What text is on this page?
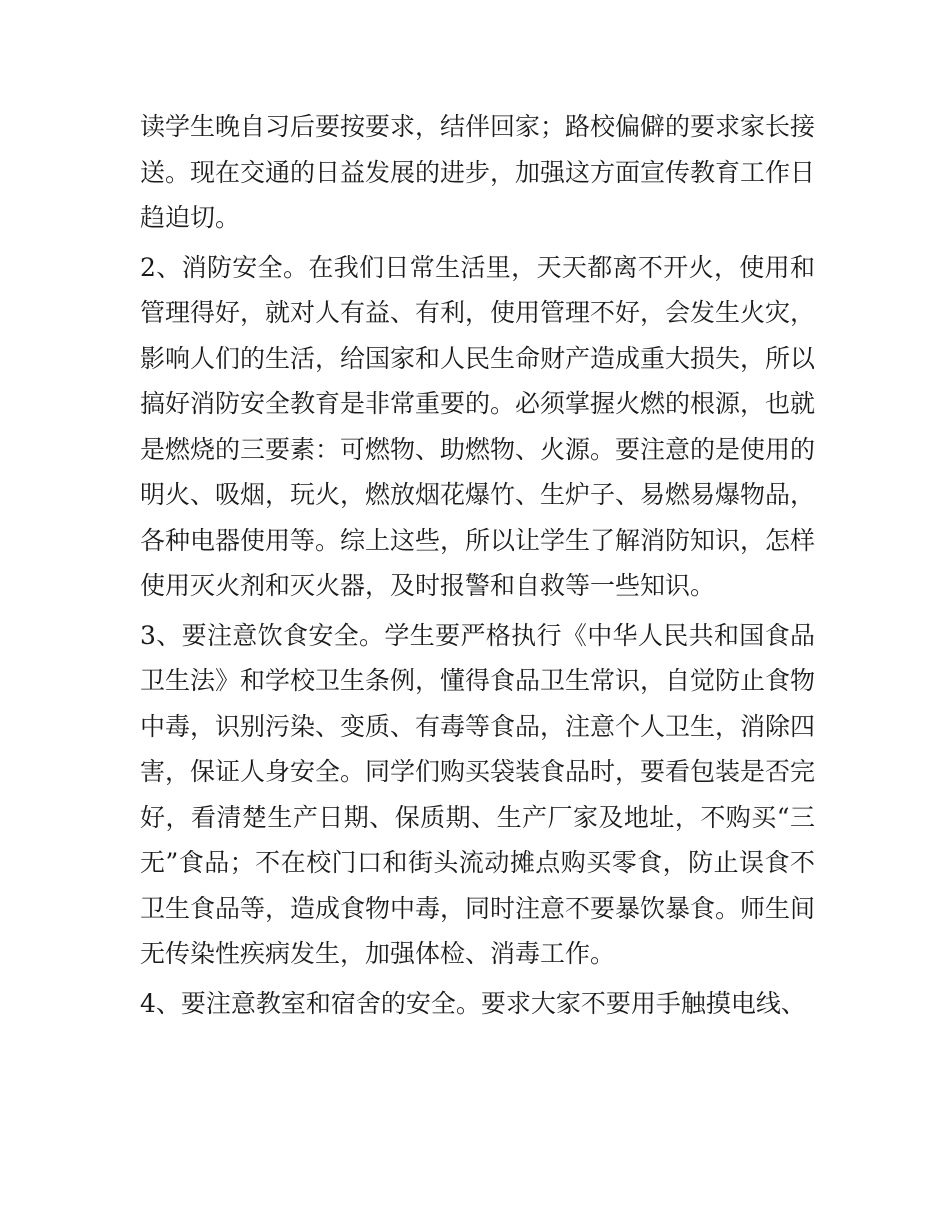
读学生晚自习后要按要求，结伴回家；路校偏僻的要求家长接送。现在交通的日益发展的进步，加强这方面宣传教育工作日趋迫切。

2、消防安全。在我们日常生活里，天天都离不开火，使用和管理得好，就对人有益、有利，使用管理不好，会发生火灾，影响人们的生活，给国家和人民生命财产造成重大损失，所以搞好消防安全教育是非常重要的。必须掌握火燃的根源，也就是燃烧的三要素：可燃物、助燃物、火源。要注意的是使用的明火、吸烟，玩火，燃放烟花爆竹、生炉子、易燃易爆物品，各种电器使用等。综上这些，所以让学生了解消防知识，怎样使用灭火剂和灭火器，及时报警和自救等一些知识。

3、要注意饮食安全。学生要严格执行《中华人民共和国食品卫生法》和学校卫生条例，懂得食品卫生常识，自觉防止食物中毒，识别污染、变质、有毒等食品，注意个人卫生，消除四害，保证人身安全。同学们购买袋装食品时，要看包装是否完好，看清楚生产日期、保质期、生产厂家及地址，不购买“三无”食品；不在校门口和街头流动摊点购买零食，防止误食不卫生食品等，造成食物中毒，同时注意不要暴饮暴食。师生间无传染性疾病发生，加强体检、消毒工作。

4、要注意教室和宿舍的安全。要求大家不要用手触摸电线、
